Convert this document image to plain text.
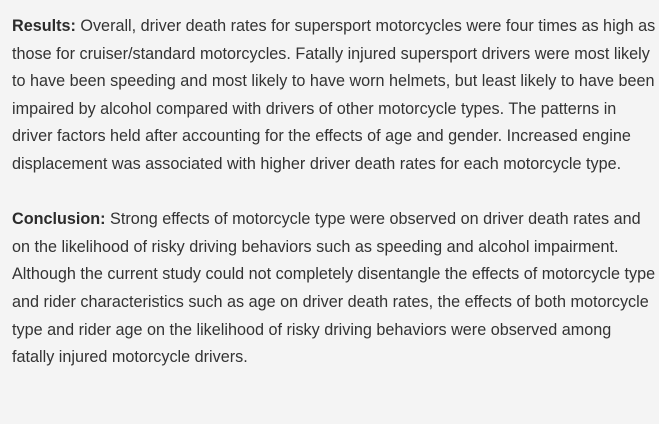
Results: Overall, driver death rates for supersport motorcycles were four times as high as those for cruiser/standard motorcycles. Fatally injured supersport drivers were most likely to have been speeding and most likely to have worn helmets, but least likely to have been impaired by alcohol compared with drivers of other motorcycle types. The patterns in driver factors held after accounting for the effects of age and gender. Increased engine displacement was associated with higher driver death rates for each motorcycle type.

Conclusion: Strong effects of motorcycle type were observed on driver death rates and on the likelihood of risky driving behaviors such as speeding and alcohol impairment. Although the current study could not completely disentangle the effects of motorcycle type and rider characteristics such as age on driver death rates, the effects of both motorcycle type and rider age on the likelihood of risky driving behaviors were observed among fatally injured motorcycle drivers.
